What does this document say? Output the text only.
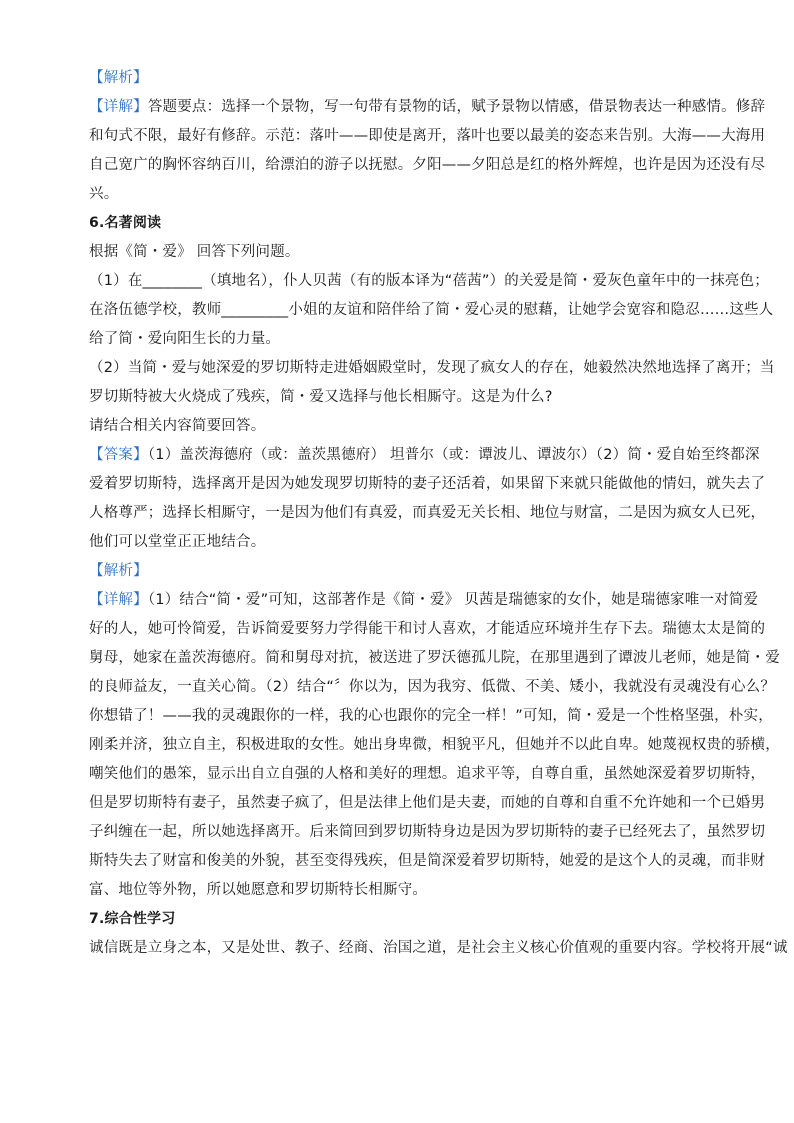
【解析】
【详解】答题要点：选择一个景物，写一句带有景物的话，赋予景物以情感，借景物表达一种感情。修辞
和句式不限，最好有修辞。示范：落叶——即使是离开，落叶也要以最美的姿态来告别。大海——大海用
自己宽广的胸怀容纳百川，给漂泊的游子以抚慰。夕阳——夕阳总是红的格外辉煌，也许是因为还没有尽
兴。
6.名著阅读
根据《简・爱》 回答下列问题。
（1）在________（填地名），仆人贝茜（有的版本译为“蓓茜”）的关爱是简・爱灰色童年中的一抹亮色；
在洛伍德学校，教师_________小姐的友谊和陪伴给了简・爱心灵的慰藉，让她学会宽容和隐忍……这些人
给了简・爱向阳生长的力量。
（2）当简・爱与她深爱的罗切斯特走进婚姻殿堂时，发现了疯女人的存在，她毅然决然地选择了离开；当
罗切斯特被大火烧成了残疾，简・爱又选择与他长相厮守。这是为什么?
请结合相关内容简要回答。
【答案】（1）盖茨海德府（或：盖茨黑德府） 坦普尔（或：谭波儿、谭波尔）（2）简・爱自始至终都深
爱着罗切斯特，选择离开是因为她发现罗切斯特的妻子还活着，如果留下来就只能做他的情妇，就失去了
人格尊严；选择长相厮守，一是因为他们有真爱，而真爱无关长相、地位与财富，二是因为疯女人已死，
他们可以堂堂正正地结合。
【解析】
【详解】（1）结合“简・爱”可知，这部著作是《简・爱》 贝茜是瑞德家的女仆，她是瑞德家唯一对简爱
好的人，她可怜简爱，告诉简爱要努力学得能干和讨人喜欢，才能适应环境并生存下去。瑞德太太是简的
舅母，她家在盖茨海德府。简和舅母对抗，被送进了罗沃德孤儿院，在那里遇到了谭波儿老师，她是简・爱
的良师益友，一直关心简。（2）结合“〞你以为，因为我穷、低微、不美、矮小，我就没有灵魂没有心么？
你想错了！——我的灵魂跟你的一样，我的心也跟你的完全一样！”可知，简・爱是一个性格坚强，朴实，
刚柔并济，独立自主，积极进取的女性。她出身卑微，相貌平凡，但她并不以此自卑。她蔑视权贵的骄横，
嘲笑他们的愚笨，显示出自立自强的人格和美好的理想。追求平等，自尊自重，虽然她深爱着罗切斯特，
但是罗切斯特有妻子，虽然妻子疯了，但是法律上他们是夫妻，而她的自尊和自重不允许她和一个已婚男
子纠缠在一起，所以她选择离开。后来简回到罗切斯特身边是因为罗切斯特的妻子已经死去了，虽然罗切
斯特失去了财富和俊美的外貌，甚至变得残疾，但是简深爱着罗切斯特，她爱的是这个人的灵魂，而非财
富、地位等外物，所以她愿意和罗切斯特长相厮守。
7.综合性学习
诚信既是立身之本，又是处世、教子、经商、治国之道，是社会主义核心价值观的重要内容。学校将开展“诚
